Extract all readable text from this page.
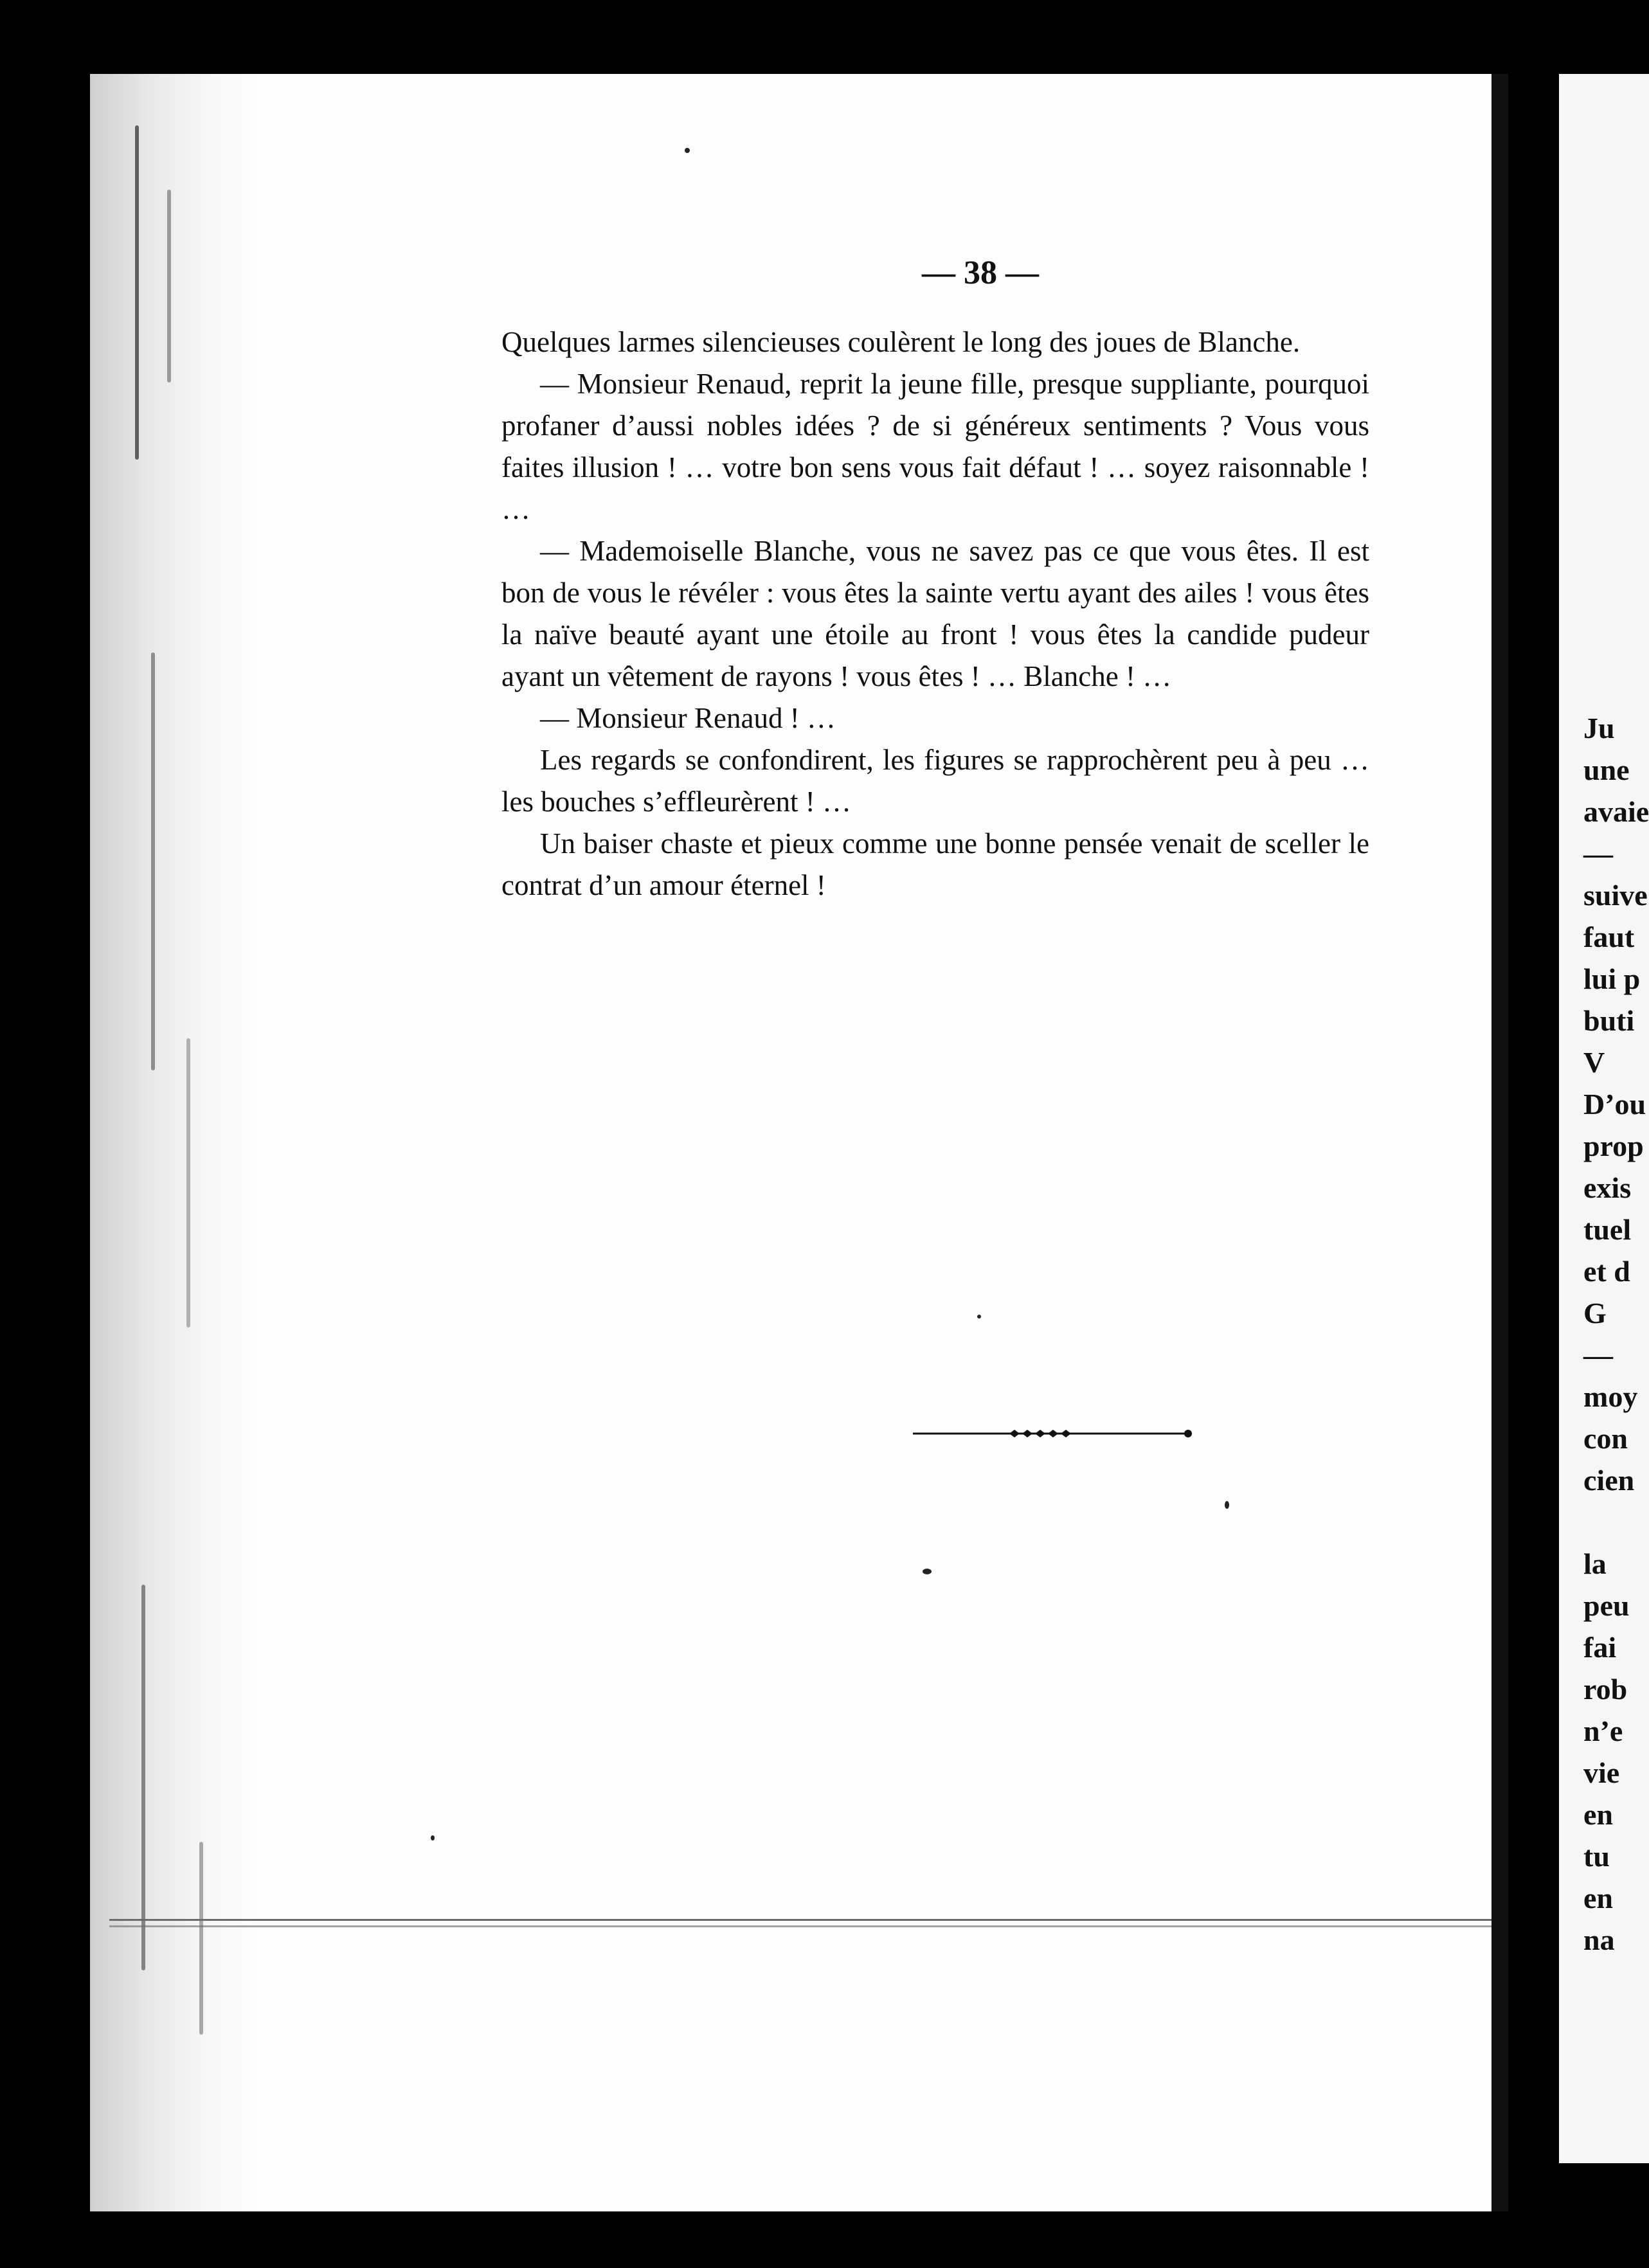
— 38 —

Quelques larmes silencieuses coulèrent le long des joues de Blanche.

— Monsieur Renaud, reprit la jeune fille, presque suppliante, pourquoi profaner d’aussi nobles idées ? de si généreux sentiments ? Vous vous faites illusion ! … votre bon sens vous fait défaut ! … soyez raisonnable ! …

— Mademoiselle Blanche, vous ne savez pas ce que vous êtes. Il est bon de vous le révéler : vous êtes la sainte vertu ayant des ailes ! vous êtes la naïve beauté ayant une étoile au front ! vous êtes la candide pudeur ayant un vêtement de rayons ! vous êtes ! … Blanche ! …

— Monsieur Renaud ! …

Les regards se confondirent, les figures se rapprochèrent peu à peu … les bouches s’effleurèrent ! …

Un baiser chaste et pieux comme une bonne pensée venait de sceller le contrat d’un amour éternel !

Ju
une
avaie
—
suive
faut
lui p
buti
V
D’ou
prop
exis
tuel
et d
G
—
moy
con
cien

la
peu
fai
rob
n’e
vie
en
tu
en
na
